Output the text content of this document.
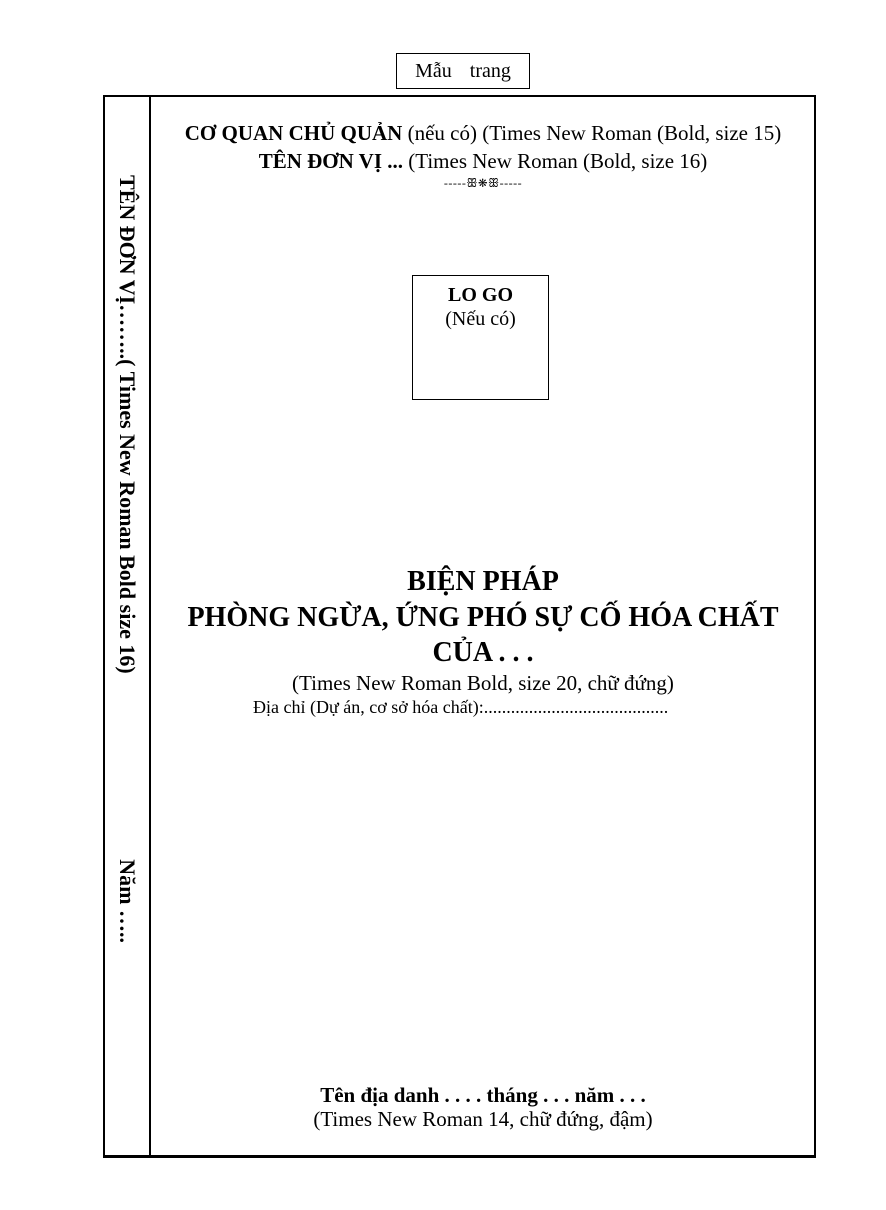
Mẫu trang
TÊN ĐƠN VỊ……..( Times New Roman Bold size 16)
Năm …..
CƠ QUAN CHỦ QUẢN (nếu có) (Times New Roman (Bold, size 15)
TÊN ĐƠN VỊ ... (Times New Roman (Bold, size 16)
-----ꕥ❋ꕥ-----
LO GO
(Nếu có)
BIỆN PHÁP
PHÒNG NGỪA, ỨNG PHÓ SỰ CỐ HÓA CHẤT
CỦA . . .
(Times New Roman Bold, size 20, chữ đứng)
Địa chỉ (Dự án, cơ sở hóa chất):.........................................
Tên địa danh . . . . tháng . . . năm . . .
(Times New Roman 14, chữ đứng, đậm)
